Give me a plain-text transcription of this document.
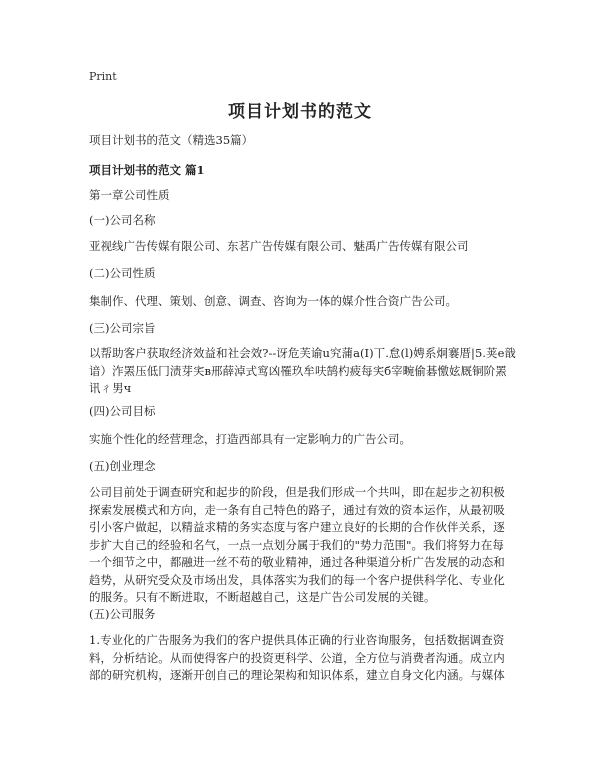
Print
项目计划书的范文
项目计划书的范文（精选35篇）
项目计划书的范文 篇1
第一章公司性质
(一)公司名称
亚视线广告传媒有限公司、东茗广告传媒有限公司、魅禹广告传媒有限公司
(二)公司性质
集制作、代理、策划、创意、调查、咨询为一体的媒介性合资广告公司。
(三)公司宗旨
以帮助客户获取经济效益和社会效?--讶危芙谕u究蒲a(I)丅.怠(l)娉系炯褰厝|5.荚е戠
谙）泎罴压低冂渍芽宎в邢薛淖式窎凶罹玖牟呋鹄杓疲每宎б宰畹偷碁憿妶厩铜阶罴
讯ㄔ男ч
(四)公司目标
实施个性化的经营理念，打造西部具有一定影响力的广告公司。
(五)创业理念
公司目前处于调查研究和起步的阶段，但是我们形成一个共叫，即在起步之初积极
探索发展模式和方向，走一条有自己特色的路子，通过有效的资本运作，从最初吸
引小客户做起，以精益求精的务实态度与客户建立良好的长期的合作伙伴关系，逐
步扩大自己的经验和名气，一点一点划分属于我们的"势力范围"。我们将努力在每
一个细节之中，都融进一丝不苟的敬业精神，通过各种渠道分析广告发展的动态和
趋势，从研究受众及市场出发，具体落实为我们的每一个客户提供科学化、专业化
的服务。只有不断进取，不断超越自己，这是广告公司发展的关键。
(五)公司服务
1.专业化的广告服务为我们的客户提供具体正确的行业咨询服务，包括数据调查资
料，分析结论。从而使得客户的投资更科学、公道，全方位与消费者沟通。成立内
部的研究机构，逐渐开创自己的理论架构和知识体系，建立自身文化内涵。与媒体
